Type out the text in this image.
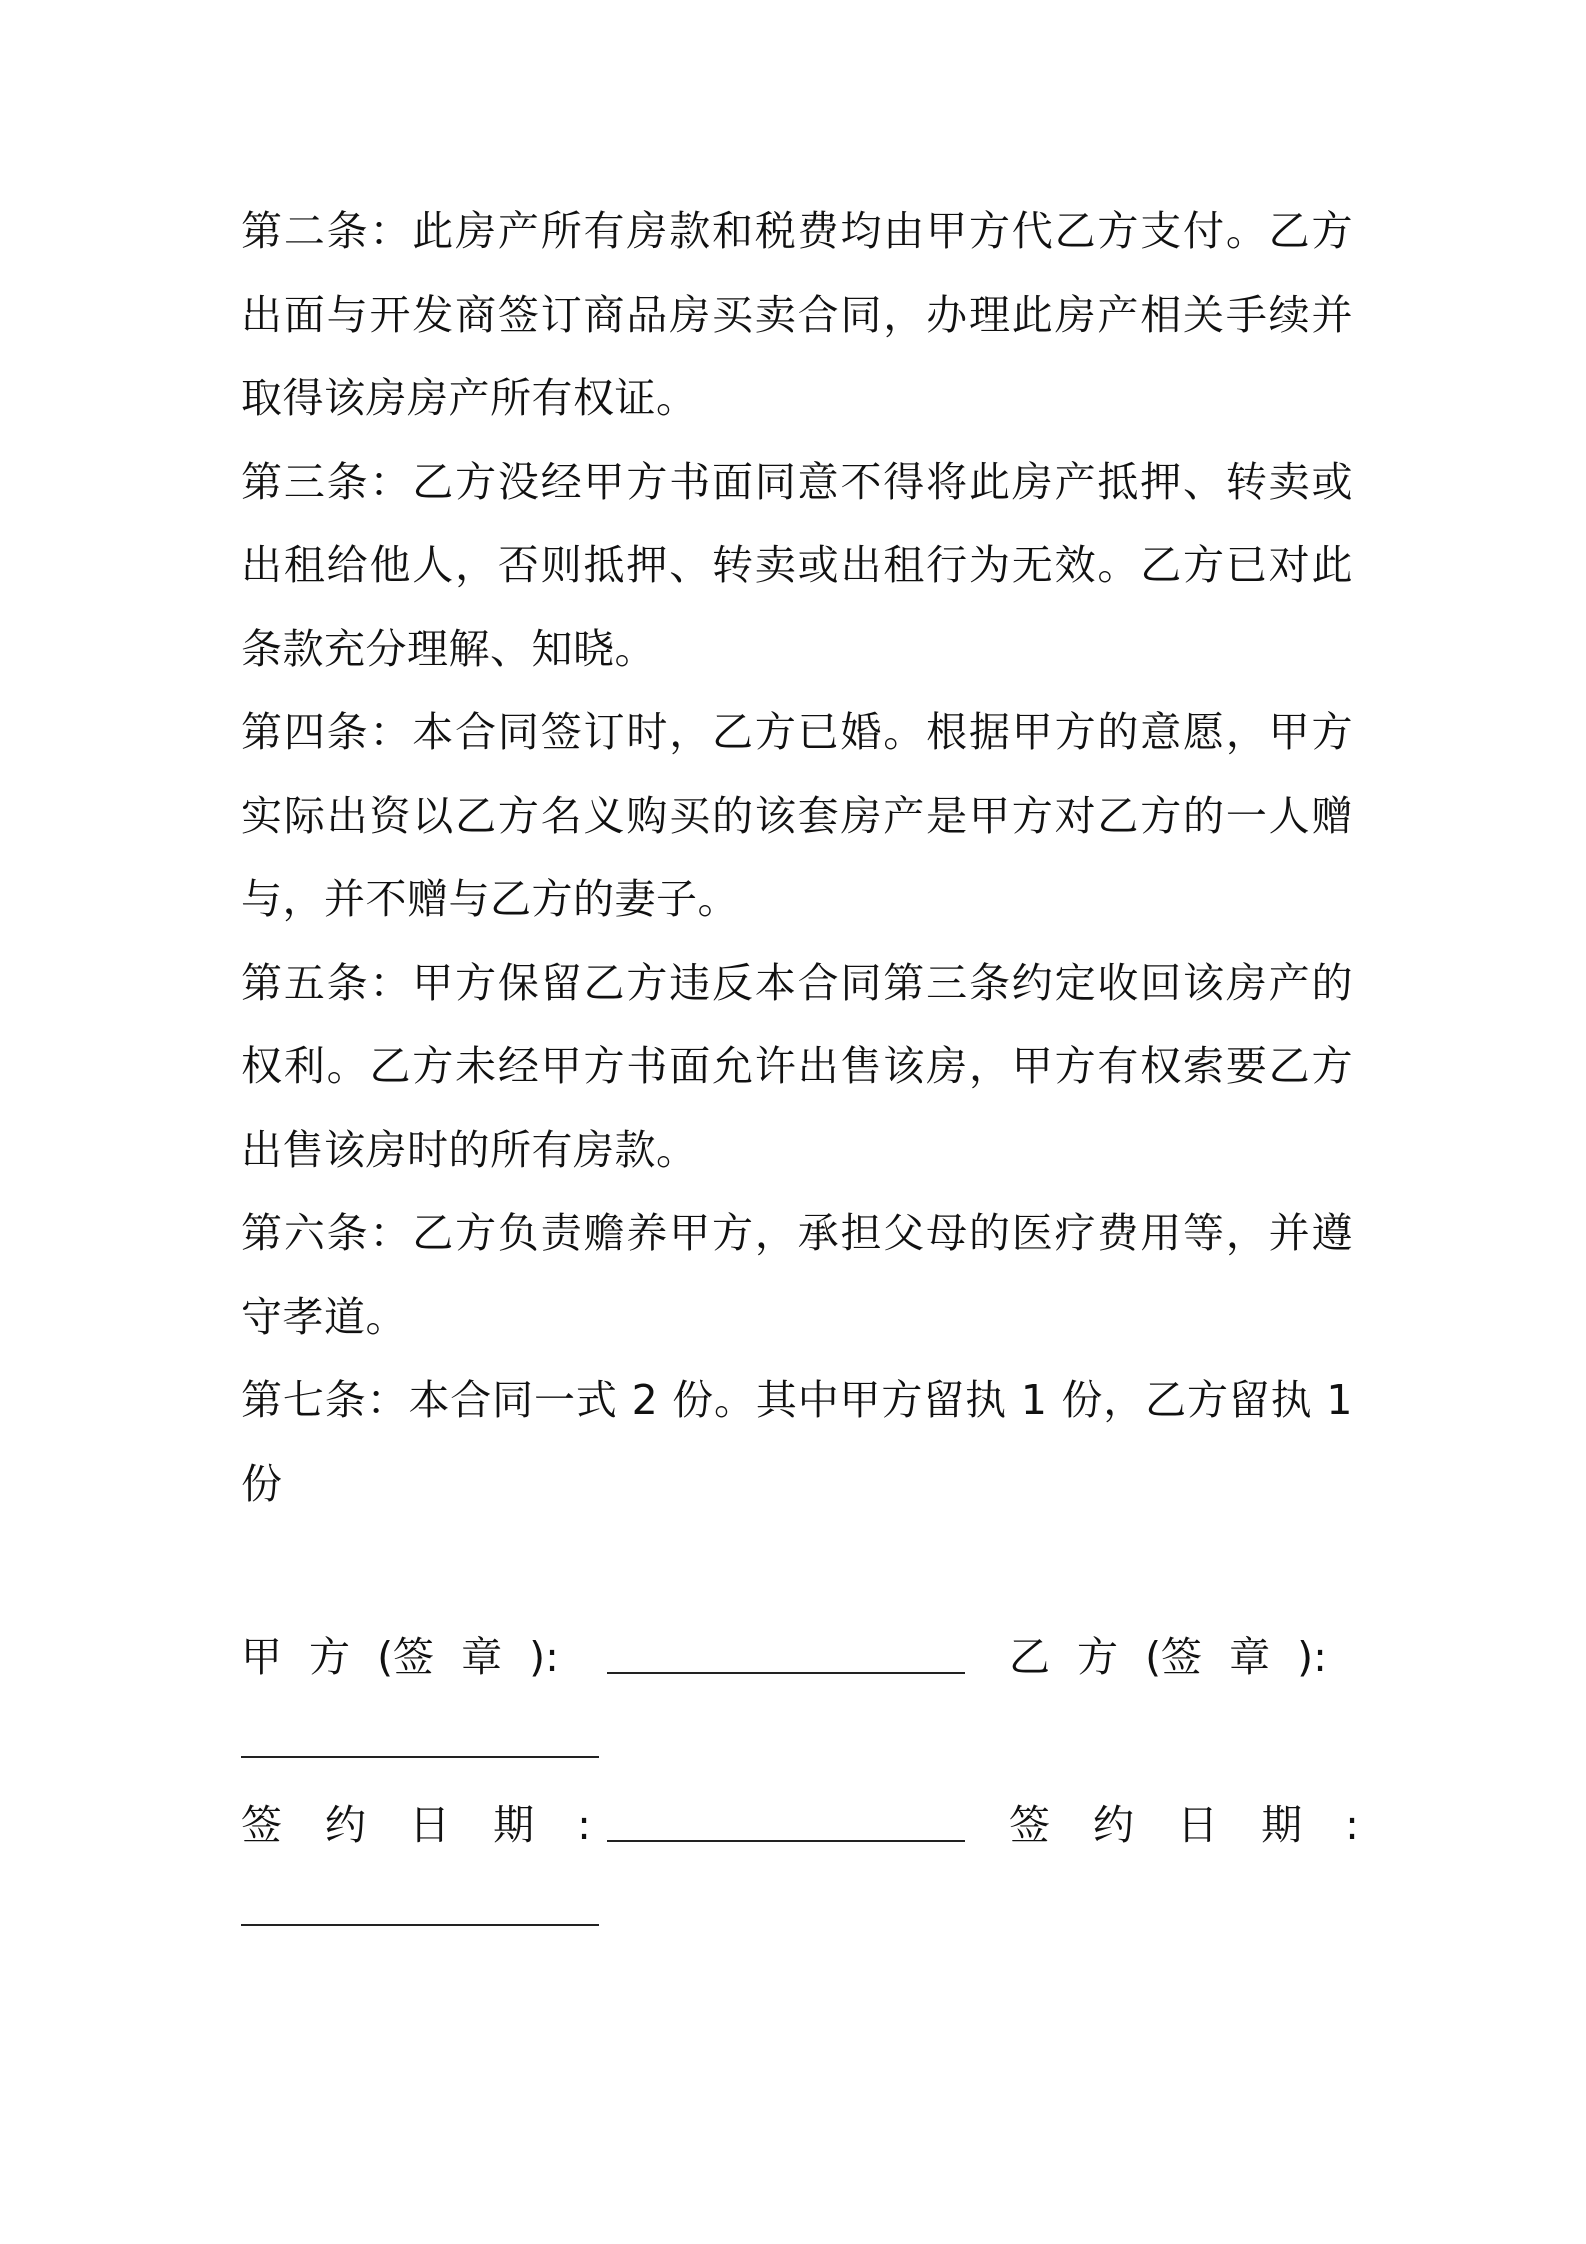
第二条：此房产所有房款和税费均由甲方代乙方支付。乙方出面与开发商签订商品房买卖合同，办理此房产相关手续并取得该房房产所有权证。

第三条：乙方没经甲方书面同意不得将此房产抵押、转卖或出租给他人，否则抵押、转卖或出租行为无效。乙方已对此条款充分理解、知晓。

第四条：本合同签订时，乙方已婚。根据甲方的意愿，甲方实际出资以乙方名义购买的该套房产是甲方对乙方的一人赠与，并不赠与乙方的妻子。

第五条：甲方保留乙方违反本合同第三条约定收回该房产的权利。乙方未经甲方书面允许出售该房，甲方有权索要乙方出售该房时的所有房款。

第六条：乙方负责赡养甲方，承担父母的医疗费用等，并遵守孝道。

第七条：本合同一式 2 份。其中甲方留执 1 份，乙方留执 1 份

甲 方 (签 章 ):	乙 方 (签 章 ):
签 约 日 期 :	签 约 日 期 :
